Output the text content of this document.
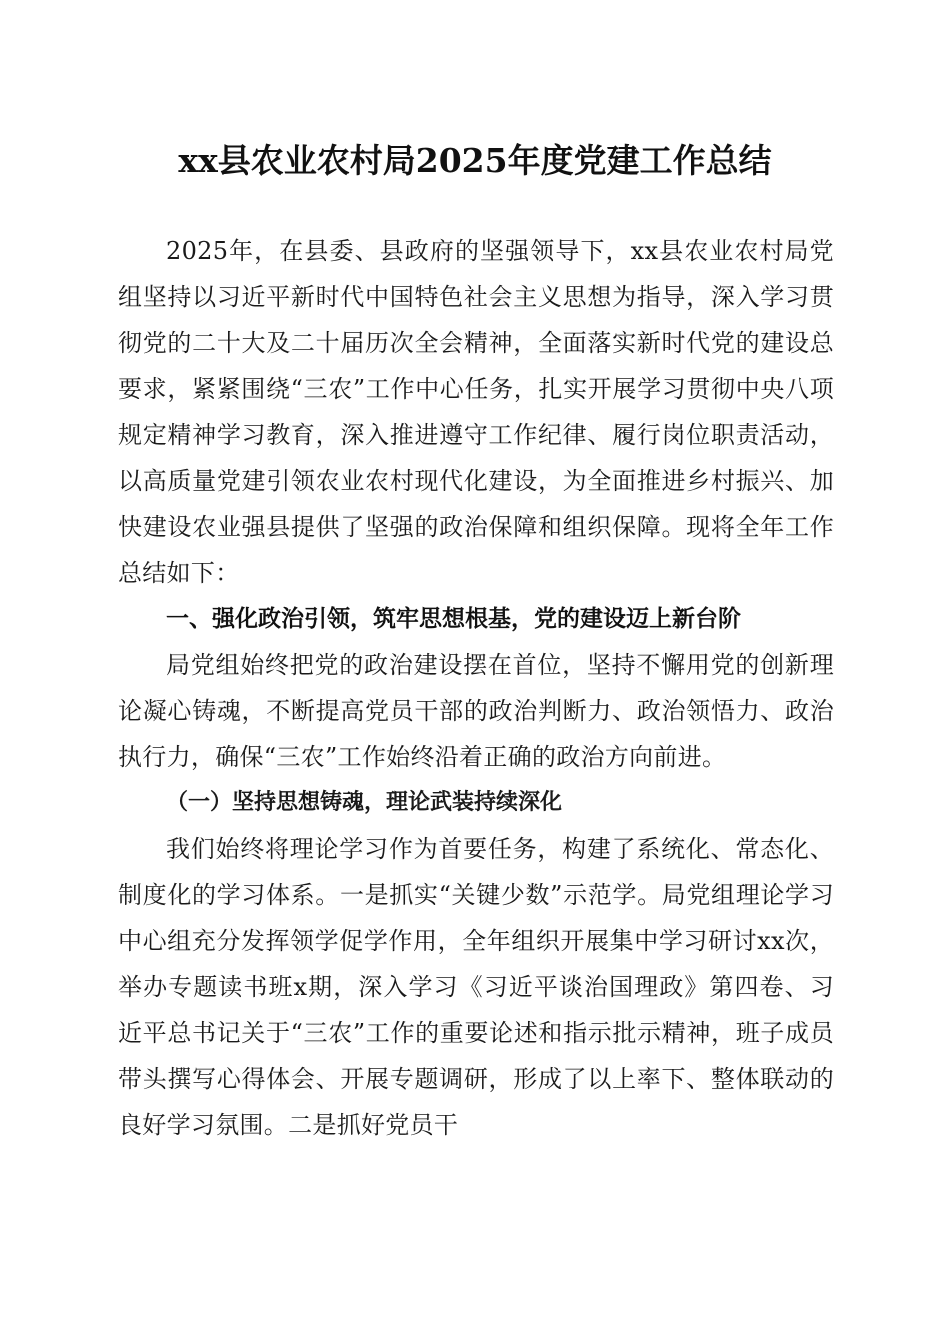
xx县农业农村局2025年度党建工作总结

2025年，在县委、县政府的坚强领导下，xx县农业农村局党组坚持以习近平新时代中国特色社会主义思想为指导，深入学习贯彻党的二十大及二十届历次全会精神，全面落实新时代党的建设总要求，紧紧围绕“三农”工作中心任务，扎实开展学习贯彻中央八项规定精神学习教育，深入推进遵守工作纪律、履行岗位职责活动，以高质量党建引领农业农村现代化建设，为全面推进乡村振兴、加快建设农业强县提供了坚强的政治保障和组织保障。现将全年工作总结如下：

一、强化政治引领，筑牢思想根基，党的建设迈上新台阶

局党组始终把党的政治建设摆在首位，坚持不懈用党的创新理论凝心铸魂，不断提高党员干部的政治判断力、政治领悟力、政治执行力，确保“三农”工作始终沿着正确的政治方向前进。

（一）坚持思想铸魂，理论武装持续深化

我们始终将理论学习作为首要任务，构建了系统化、常态化、制度化的学习体系。一是抓实“关键少数”示范学。局党组理论学习中心组充分发挥领学促学作用，全年组织开展集中学习研讨xx次，举办专题读书班x期，深入学习《习近平谈治国理政》第四卷、习近平总书记关于“三农”工作的重要论述和指示批示精神，班子成员带头撰写心得体会、开展专题调研，形成了以上率下、整体联动的良好学习氛围。二是抓好党员干
